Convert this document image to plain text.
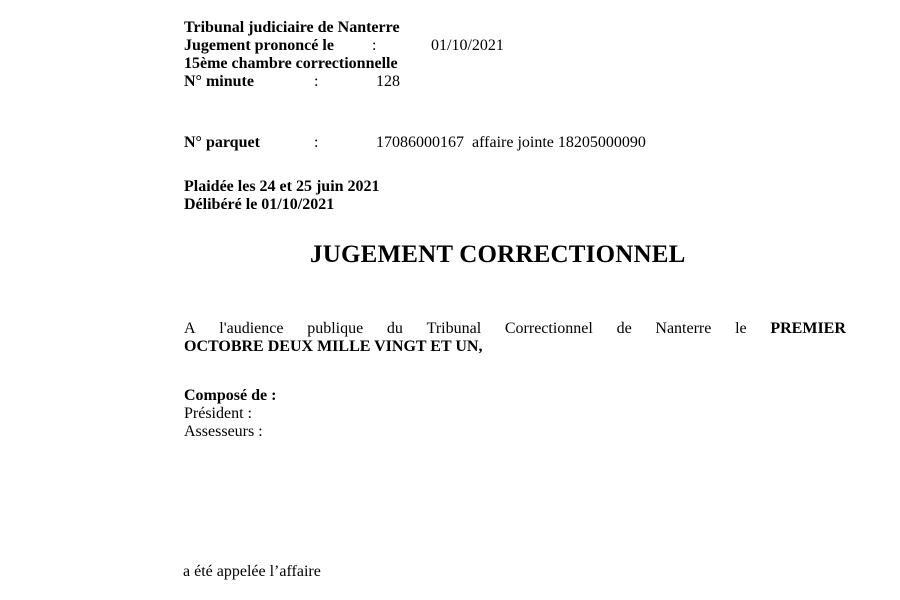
Tribunal judiciaire de Nanterre
Jugement prononcé le :	01/10/2021
15ème chambre correctionnelle
N° minute	:	128
N° parquet	:	17086000167  affaire jointe 18205000090
Plaidée les 24 et 25 juin 2021
Délibéré le 01/10/2021
JUGEMENT CORRECTIONNEL
A l'audience publique du Tribunal Correctionnel de Nanterre le PREMIER
OCTOBRE DEUX MILLE VINGT ET UN,
Composé de :
Président :
Assesseurs :
a été appelée l’affaire
